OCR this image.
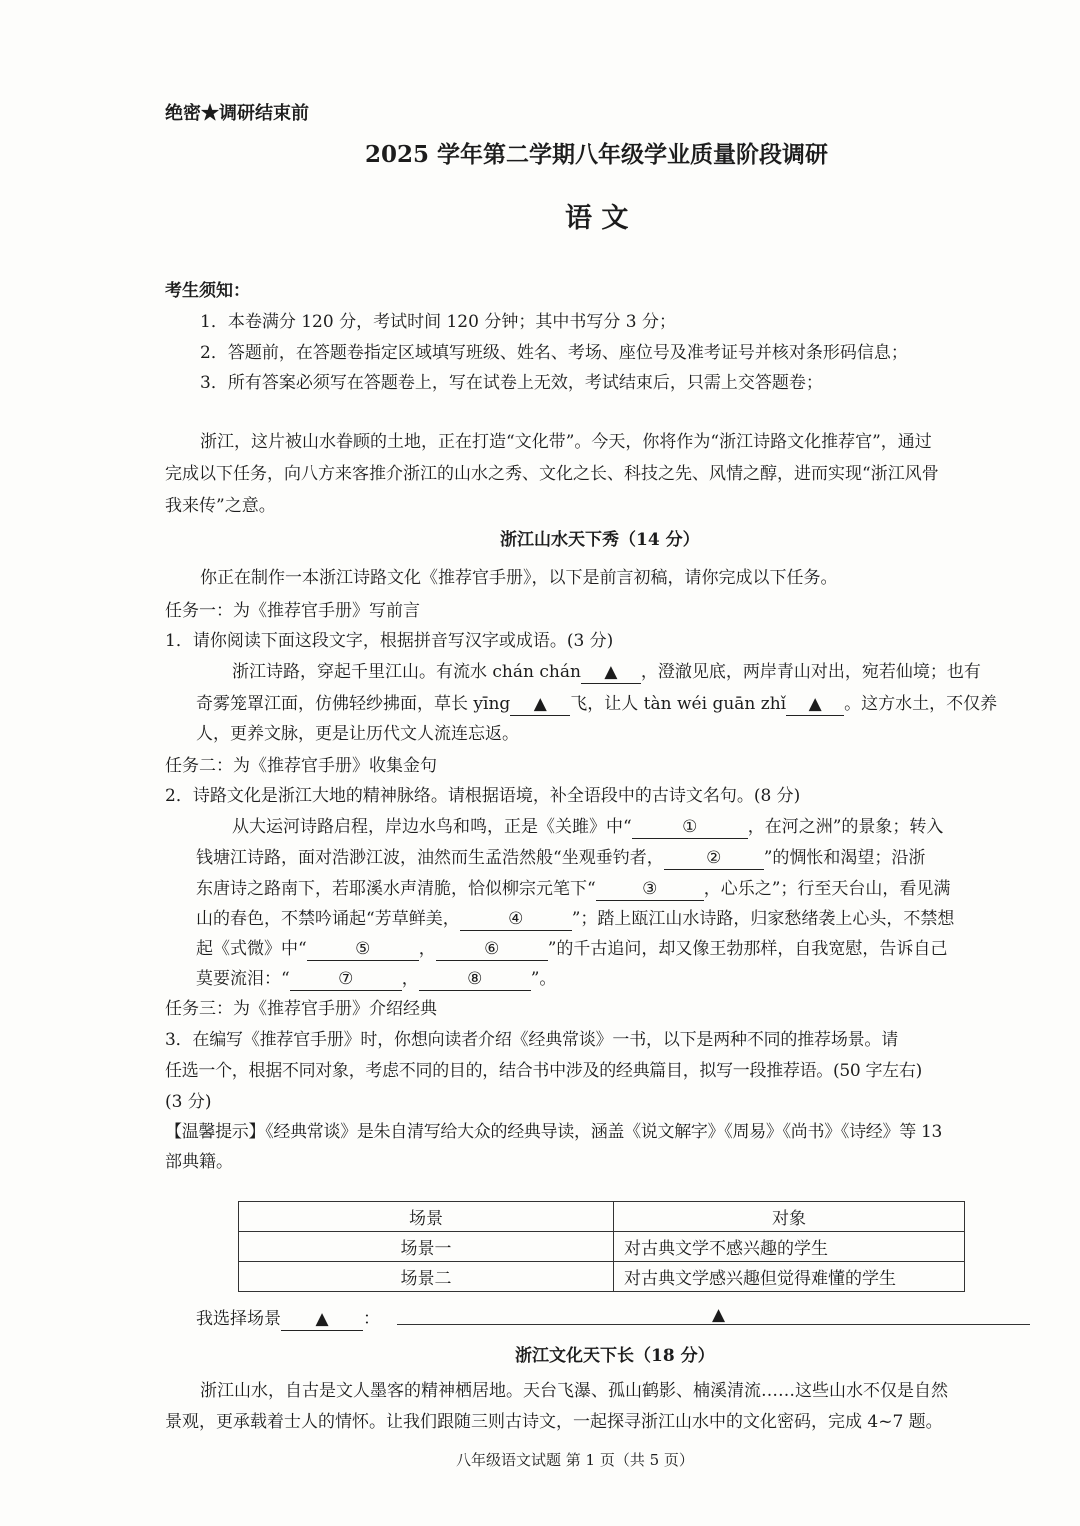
绝密★调研结束前
2025 学年第二学期八年级学业质量阶段调研
语 文
考生须知：
1．本卷满分 120 分，考试时间 120 分钟；其中书写分 3 分；
2．答题前，在答题卷指定区域填写班级、姓名、考场、座位号及准考证号并核对条形码信息；
3．所有答案必须写在答题卷上，写在试卷上无效，考试结束后，只需上交答题卷；
浙江，这片被山水眷顾的土地，正在打造“文化带”。今天，你将作为“浙江诗路文化推荐官”，通过
完成以下任务，向八方来客推介浙江的山水之秀、文化之长、科技之先、风情之醇，进而实现“浙江风骨
我来传”之意。
浙江山水天下秀（14 分）
你正在制作一本浙江诗路文化《推荐官手册》，以下是前言初稿，请你完成以下任务。
任务一：为《推荐官手册》写前言
1．请你阅读下面这段文字，根据拼音写汉字或成语。(3 分)
浙江诗路，穿起千里江山。有流水 chán chán ▲ ，澄澈见底，两岸青山对出，宛若仙境；也有
奇雾笼罩江面，仿佛轻纱拂面，草长 yīng ▲ 飞，让人 tàn wéi guān zhǐ ▲ 。这方水土，不仅养
人，更养文脉，更是让历代文人流连忘返。
任务二：为《推荐官手册》收集金句
2．诗路文化是浙江大地的精神脉络。请根据语境，补全语段中的古诗文名句。(8 分)
从大运河诗路启程，岸边水鸟和鸣，正是《关雎》中“	①	，在河之洲”的景象；转入
钱塘江诗路，面对浩渺江波，油然而生孟浩然般“坐观垂钓者， ② ”的惆怅和渴望；沿浙
东唐诗之路南下，若耶溪水声清脆，恰似柳宗元笔下“	③	，心乐之”；行至天台山，看见满
山的春色，不禁吟诵起“芳草鲜美，	④	”；踏上瓯江山水诗路，归家愁绪袭上心头，不禁想
起《式微》中“	⑤	，	⑥	”的千古追问，却又像王勃那样，自我宽慰，告诉自己
莫要流泪：“	⑦	，	⑧	”。
任务三：为《推荐官手册》介绍经典
3．在编写《推荐官手册》时，你想向读者介绍《经典常谈》一书，以下是两种不同的推荐场景。请
任选一个，根据不同对象，考虑不同的目的，结合书中涉及的经典篇目，拟写一段推荐语。(50 字左右)
(3 分)
【温馨提示】《经典常谈》是朱自清写给大众的经典导读，涵盖《说文解字》《周易》《尚书》《诗经》等 13
部典籍。
场景	对象
场景一	对古典文学不感兴趣的学生
场景二	对古典文学感兴趣但觉得难懂的学生
我选择场景 ▲ ：	▲
浙江文化天下长（18 分）
浙江山水，自古是文人墨客的精神栖居地。天台飞瀑、孤山鹤影、楠溪清流……这些山水不仅是自然
景观，更承载着士人的情怀。让我们跟随三则古诗文，一起探寻浙江山水中的文化密码，完成 4~7 题。
八年级语文试题 第 1 页（共 5 页）
